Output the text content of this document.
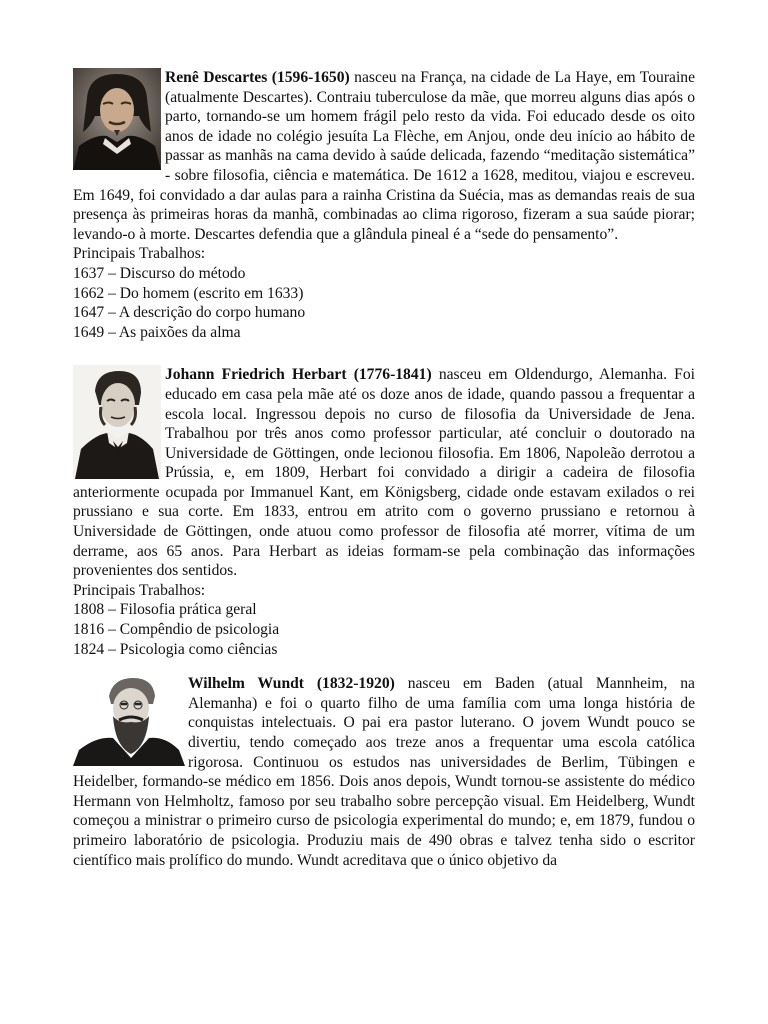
Renê Descartes (1596-1650) nasceu na França, na cidade de La Haye, em Touraine (atualmente Descartes). Contraiu tuberculose da mãe, que morreu alguns dias após o parto, tornando-se um homem frágil pelo resto da vida. Foi educado desde os oito anos de idade no colégio jesuíta La Flèche, em Anjou, onde deu início ao hábito de passar as manhãs na cama devido à saúde delicada, fazendo “meditação sistemática” - sobre filosofia, ciência e matemática. De 1612 a 1628, meditou, viajou e escreveu. Em 1649, foi convidado a dar aulas para a rainha Cristina da Suécia, mas as demandas reais de sua presença às primeiras horas da manhã, combinadas ao clima rigoroso, fizeram a sua saúde piorar; levando-o à morte. Descartes defendia que a glândula pineal é a “sede do pensamento”.

Principais Trabalhos:

1637 – Discurso do método

1662 – Do homem (escrito em 1633)

1647 – A descrição do corpo humano

1649 – As paixões da alma

Johann Friedrich Herbart (1776-1841) nasceu em Oldendurgo, Alemanha. Foi educado em casa pela mãe até os doze anos de idade, quando passou a frequentar a escola local. Ingressou depois no curso de filosofia da Universidade de Jena. Trabalhou por três anos como professor particular, até concluir o doutorado na Universidade de Göttingen, onde lecionou filosofia. Em 1806, Napoleão derrotou a Prússia, e, em 1809, Herbart foi convidado a dirigir a cadeira de filosofia anteriormente ocupada por Immanuel Kant, em Königsberg, cidade onde estavam exilados o rei prussiano e sua corte. Em 1833, entrou em atrito com o governo prussiano e retornou à Universidade de Göttingen, onde atuou como professor de filosofia até morrer, vítima de um derrame, aos 65 anos. Para Herbart as ideias formam-se pela combinação das informações provenientes dos sentidos.

Principais Trabalhos:

1808 – Filosofia prática geral

1816 – Compêndio de psicologia

1824 – Psicologia como ciências

Wilhelm Wundt (1832-1920) nasceu em Baden (atual Mannheim, na Alemanha) e foi o quarto filho de uma família com uma longa história de conquistas intelectuais. O pai era pastor luterano. O jovem Wundt pouco se divertiu, tendo começado aos treze anos a frequentar uma escola católica rigorosa. Continuou os estudos nas universidades de Berlim, Tübingen e Heidelber, formando-se médico em 1856. Dois anos depois, Wundt tornou-se assistente do médico Hermann von Helmholtz, famoso por seu trabalho sobre percepção visual. Em Heidelberg, Wundt começou a ministrar o primeiro curso de psicologia experimental do mundo; e, em 1879, fundou o primeiro laboratório de psicologia. Produziu mais de 490 obras e talvez tenha sido o escritor científico mais prolífico do mundo. Wundt acreditava que o único objetivo da
